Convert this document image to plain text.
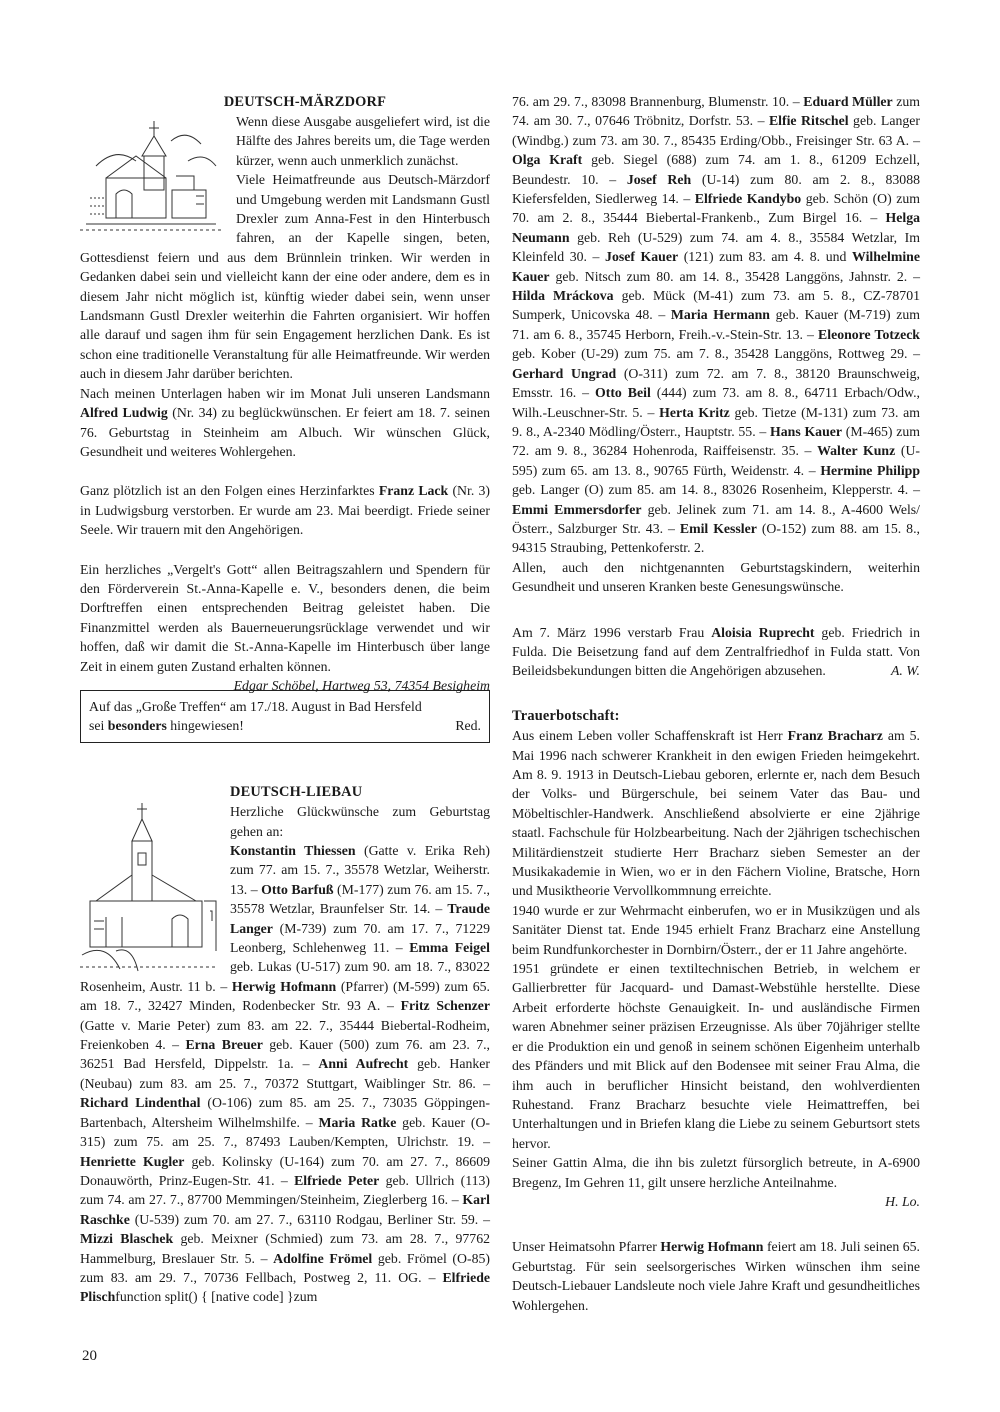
DEUTSCH-MÄRZDORF

Wenn diese Ausgabe ausgeliefert wird, ist die Hälfte des Jahres bereits um, die Tage werden kürzer, wenn auch unmerklich zunächst.

Viele Heimatfreunde aus Deutsch-Märzdorf und Umgebung werden mit Landsmann Gustl Drexler zum Anna-Fest in den Hinterbusch fahren, an der Kapelle singen, beten, Gottesdienst feiern und aus dem Brünnlein trinken. Wir werden in Gedanken dabei sein und vielleicht kann der eine oder andere, dem es in diesem Jahr nicht möglich ist, künftig wieder dabei sein, wenn unser Landsmann Gustl Drexler weiterhin die Fahrten organisiert. Wir hoffen alle darauf und sagen ihm für sein Engagement herzlichen Dank. Es ist schon eine traditionelle Veranstaltung für alle Heimatfreunde. Wir werden auch in diesem Jahr darüber berichten.

Nach meinen Unterlagen haben wir im Monat Juli unseren Landsmann Alfred Ludwig (Nr. 34) zu beglückwünschen. Er feiert am 18. 7. seinen 76. Geburtstag in Steinheim am Albuch. Wir wünschen Glück, Gesundheit und weiteres Wohlergehen.

Ganz plötzlich ist an den Folgen eines Herzinfarktes Franz Lack (Nr. 3) in Ludwigsburg verstorben. Er wurde am 23. Mai beerdigt. Friede seiner Seele. Wir trauern mit den Angehörigen.

Ein herzliches „Vergelt's Gott“ allen Beitragszahlern und Spendern für den Förderverein St.-Anna-Kapelle e. V., besonders denen, die beim Dorftreffen einen entsprechenden Beitrag geleistet haben. Die Finanzmittel werden als Bauerneuerungsrücklage verwendet und wir hoffen, daß wir damit die St.-Anna-Kapelle im Hinterbusch über lange Zeit in einem guten Zustand erhalten können.
Edgar Schöbel, Hartweg 53, 74354 Besigheim

Auf das „Große Treffen“ am 17./18. August in Bad Hersfeld
sei besonders hingewiesen!	Red.
DEUTSCH-LIEBAU

Herzliche Glückwünsche zum Geburtstag gehen an:

Konstantin Thiessen (Gatte v. Erika Reh) zum 77. am 15. 7., 35578 Wetzlar, Weiherstr. 13. – Otto Barfuß (M-177) zum 76. am 15. 7., 35578 Wetzlar, Braunfelser Str. 14. – Traude Langer (M-739) zum 70. am 17. 7., 71229 Leonberg, Schlehenweg 11. – Emma Feigel geb. Lukas (U-517) zum 90. am 18. 7., 83022 Rosenheim, Austr. 11 b. – Herwig Hofmann (Pfarrer) (M-599) zum 65. am 18. 7., 32427 Minden, Rodenbecker Str. 93 A. – Fritz Schenzer (Gatte v. Marie Peter) zum 83. am 22. 7., 35444 Biebertal-Rodheim, Freienkoben 4. – Erna Breuer geb. Kauer (500) zum 76. am 23. 7., 36251 Bad Hersfeld, Dippelstr. 1a. – Anni Aufrecht geb. Hanker (Neubau) zum 83. am 25. 7., 70372 Stuttgart, Waiblinger Str. 86. – Richard Lindenthal (O-106) zum 85. am 25. 7., 73035 Göppingen-Bartenbach, Altersheim Wilhelmshilfe. – Maria Ratke geb. Kauer (O-315) zum 75. am 25. 7., 87493 Lauben/Kempten, Ulrichstr. 19. – Henriette Kugler geb. Kolinsky (U-164) zum 70. am 27. 7., 86609 Donauwörth, Prinz-Eugen-Str. 41. – Elfriede Peter geb. Ullrich (113) zum 74. am 27. 7., 87700 Memmingen/Steinheim, Zieglerberg 16. – Karl Raschke (U-539) zum 70. am 27. 7., 63110 Rodgau, Berliner Str. 59. – Mizzi Blaschek geb. Meixner (Schmied) zum 73. am 28. 7., 97762 Hammelburg, Breslauer Str. 5. – Adolfine Frömel geb. Frömel (O-85) zum 83. am 29. 7., 70736 Fellbach, Postweg 2, 11. OG. – Elfriede Plischfunction split() { [native code] }zum

76. am 29. 7., 83098 Brannenburg, Blumenstr. 10. – Eduard Müller zum 74. am 30. 7., 07646 Tröbnitz, Dorfstr. 53. – Elfie Ritschel geb. Langer (Windbg.) zum 73. am 30. 7., 85435 Erding/Obb., Freisinger Str. 63 A. – Olga Kraft geb. Siegel (688) zum 74. am 1. 8., 61209 Echzell, Beundestr. 10. – Josef Reh (U-14) zum 80. am 2. 8., 83088 Kiefersfelden, Siedlerweg 14. – Elfriede Kandybo geb. Schön (O) zum 70. am 2. 8., 35444 Biebertal-Frankenb., Zum Birgel 16. – Helga Neumann geb. Reh (U-529) zum 74. am 4. 8., 35584 Wetzlar, Im Kleinfeld 30. – Josef Kauer (121) zum 83. am 4. 8. und Wilhelmine Kauer geb. Nitsch zum 80. am 14. 8., 35428 Langgöns, Jahnstr. 2. – Hilda Mráckova geb. Mück (M-41) zum 73. am 5. 8., CZ-78701 Sumperk, Unicovska 48. – Maria Hermann geb. Kauer (M-719) zum 71. am 6. 8., 35745 Herborn, Freih.-v.-Stein-Str. 13. – Eleonore Totzeck geb. Kober (U-29) zum 75. am 7. 8., 35428 Langgöns, Rottweg 29. – Gerhard Ungrad (O-311) zum 72. am 7. 8., 38120 Braunschweig, Emsstr. 16. – Otto Beil (444) zum 73. am 8. 8., 64711 Erbach/Odw., Wilh.-Leuschner-Str. 5. – Herta Kritz geb. Tietze (M-131) zum 73. am 9. 8., A-2340 Mödling/Österr., Hauptstr. 55. – Hans Kauer (M-465) zum 72. am 9. 8., 36284 Hohenroda, Raiffeisenstr. 35. – Walter Kunz (U-595) zum 65. am 13. 8., 90765 Fürth, Weidenstr. 4. – Hermine Philipp geb. Langer (O) zum 85. am 14. 8., 83026 Rosenheim, Klepperstr. 4. – Emmi Emmersdorfer geb. Jelinek zum 71. am 14. 8., A-4600 Wels/Österr., Salzburger Str. 43. – Emil Kessler (O-152) zum 88. am 15. 8., 94315 Straubing, Pettenkoferstr. 2.

Allen, auch den nichtgenannten Geburtstagskindern, weiterhin Gesundheit und unseren Kranken beste Genesungswünsche.

Am 7. März 1996 verstarb Frau Aloisia Ruprecht geb. Friedrich in Fulda. Die Beisetzung fand auf dem Zentralfriedhof in Fulda statt. Von Beileidsbekundungen bitten die Angehörigen abzusehen.	A. W.

Trauerbotschaft:

Aus einem Leben voller Schaffenskraft ist Herr Franz Bracharz am 5. Mai 1996 nach schwerer Krankheit in den ewigen Frieden heimgekehrt. Am 8. 9. 1913 in Deutsch-Liebau geboren, erlernte er, nach dem Besuch der Volks- und Bürgerschule, bei seinem Vater das Bau- und Möbeltischler-Handwerk. Anschließend absolvierte er eine 2jährige staatl. Fachschule für Holzbearbeitung. Nach der 2jährigen tschechischen Militärdienstzeit studierte Herr Bracharz sieben Semester an der Musikakademie in Wien, wo er in den Fächern Violine, Bratsche, Horn und Musiktheorie Vervollkommnung erreichte.

1940 wurde er zur Wehrmacht einberufen, wo er in Musikzügen und als Sanitäter Dienst tat. Ende 1945 erhielt Franz Bracharz eine Anstellung beim Rundfunkorchester in Dornbirn/Österr., der er 11 Jahre angehörte.

1951 gründete er einen textiltechnischen Betrieb, in welchem er Gallierbretter für Jacquard- und Damast-Webstühle herstellte. Diese Arbeit erforderte höchste Genauigkeit. In- und ausländische Firmen waren Abnehmer seiner präzisen Erzeugnisse. Als über 70jähriger stellte er die Produktion ein und genoß in seinem schönen Eigenheim unterhalb des Pfänders und mit Blick auf den Bodensee mit seiner Frau Alma, die ihm auch in beruflicher Hinsicht beistand, den wohlverdienten Ruhestand. Franz Bracharz besuchte viele Heimattreffen, bei Unterhaltungen und in Briefen klang die Liebe zu seinem Geburtsort stets hervor.

Seiner Gattin Alma, die ihn bis zuletzt fürsorglich betreute, in A-6900 Bregenz, Im Gehren 11, gilt unsere herzliche Anteilnahme.

H. Lo.

Unser Heimatsohn Pfarrer Herwig Hofmann feiert am 18. Juli seinen 65. Geburtstag. Für sein seelsorgerisches Wirken wünschen ihm seine Deutsch-Liebauer Landsleute noch viele Jahre Kraft und gesundheitliches Wohlergehen.

20
